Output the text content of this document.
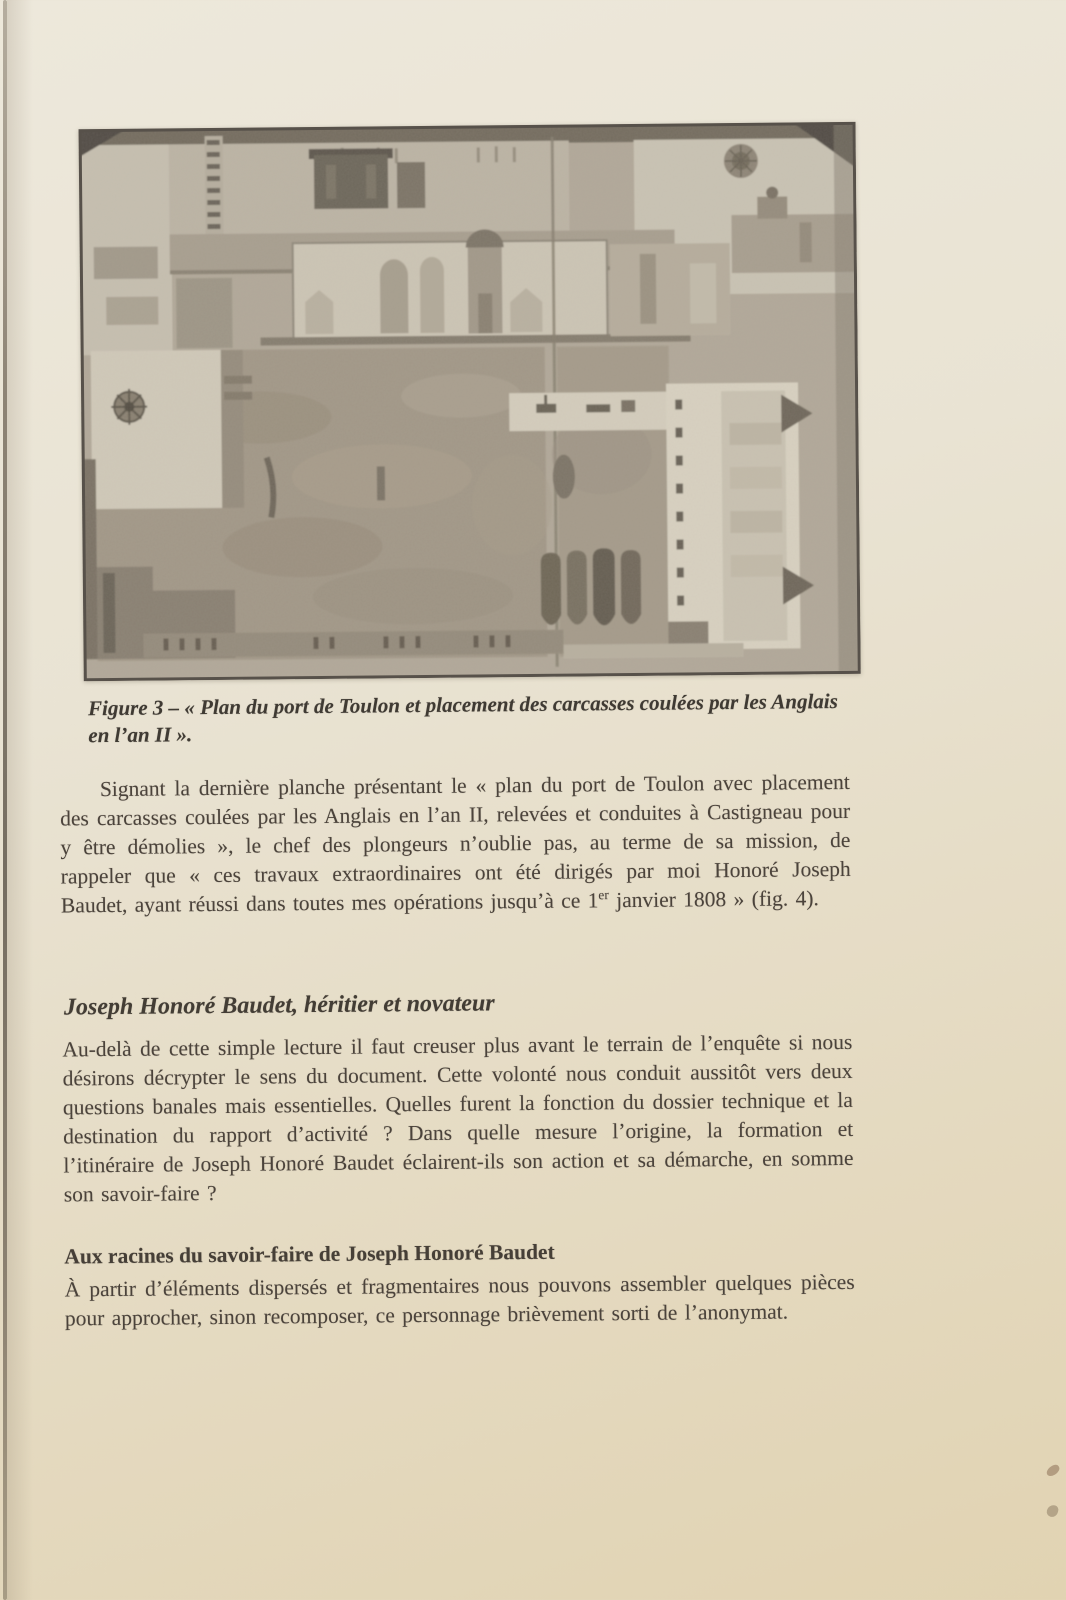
Figure 3 – « Plan du port de Toulon et placement des carcasses coulées par les Anglais en l’an II ».

Signant la dernière planche présentant le « plan du port de Toulon avec placement des carcasses coulées par les Anglais en l’an II, relevées et conduites à Castigneau pour y être démolies », le chef des plongeurs n’oublie pas, au terme de sa mission, de rappeler que « ces travaux extraordinaires ont été dirigés par moi Honoré Joseph Baudet, ayant réussi dans toutes mes opérations jusqu’à ce 1er janvier 1808 » (fig. 4).

Joseph Honoré Baudet, héritier et novateur

Au-delà de cette simple lecture il faut creuser plus avant le terrain de l’enquête si nous désirons décrypter le sens du document. Cette volonté nous conduit aussitôt vers deux questions banales mais essentielles. Quelles furent la fonction du dossier technique et la destination du rapport d’activité ? Dans quelle mesure l’origine, la formation et l’itinéraire de Joseph Honoré Baudet éclairent-ils son action et sa démarche, en somme son savoir-faire ?

Aux racines du savoir-faire de Joseph Honoré Baudet

À partir d’éléments dispersés et fragmentaires nous pouvons assembler quelques pièces pour approcher, sinon recomposer, ce personnage brièvement sorti de l’anonymat.
